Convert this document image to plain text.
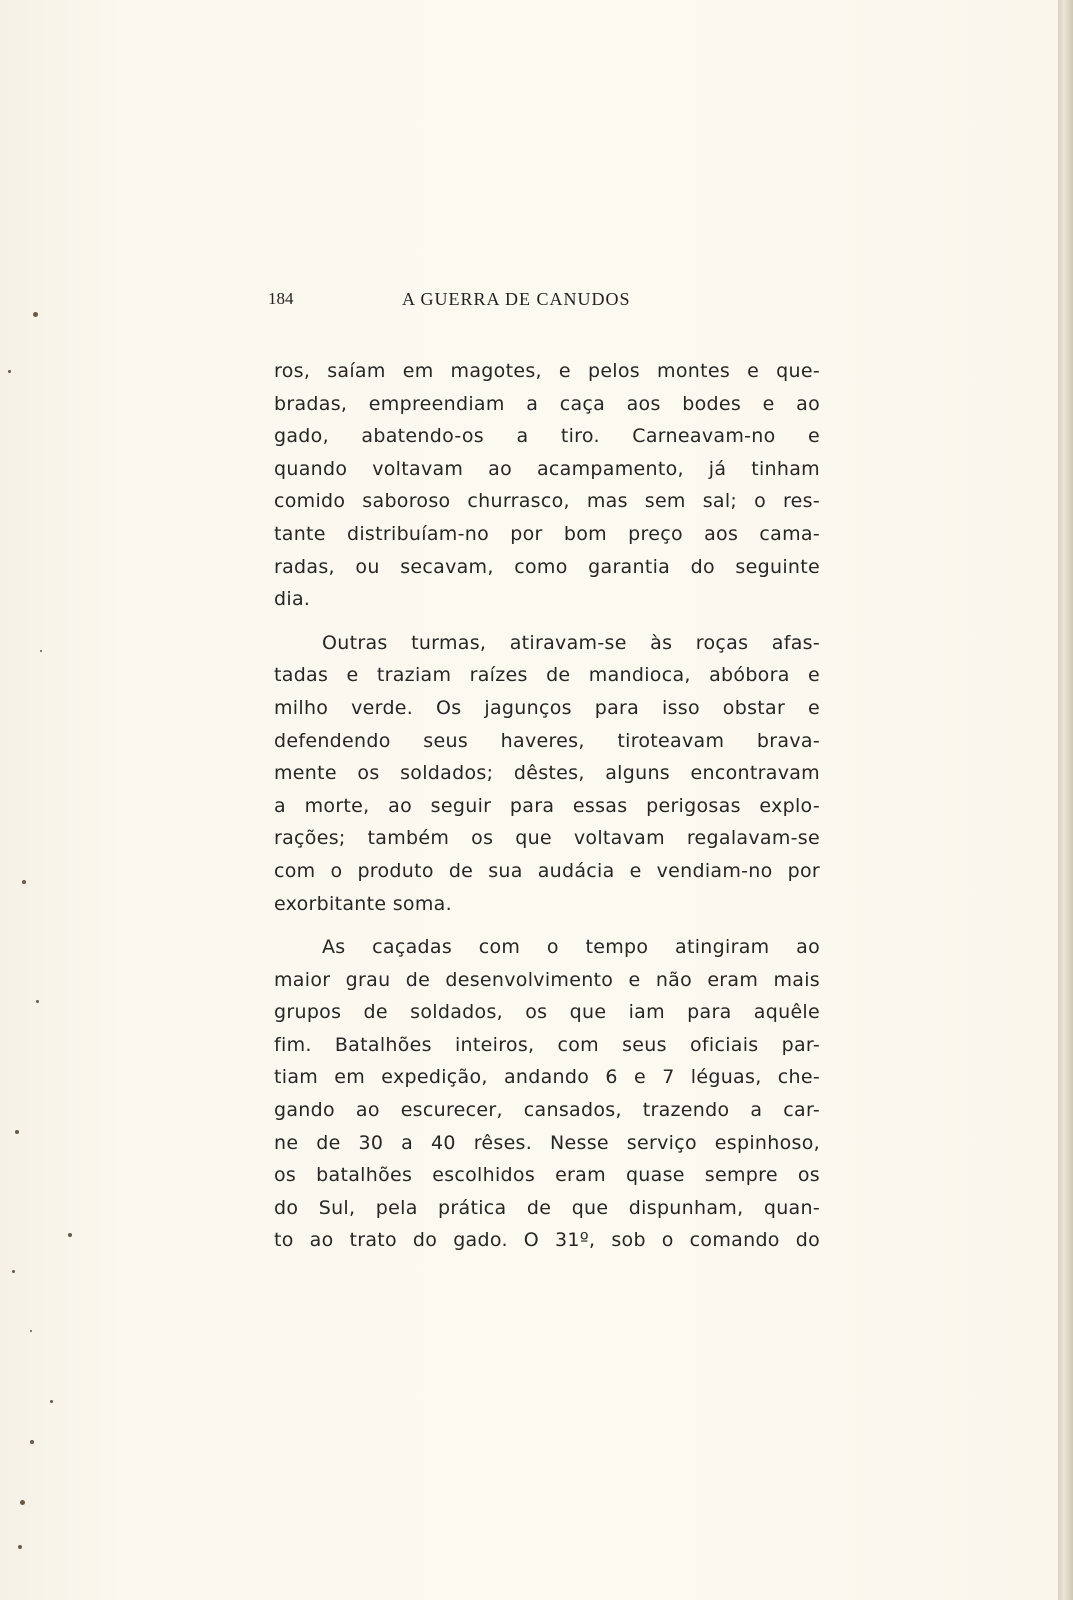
184	A GUERRA DE CANUDOS
ros, saíam em magotes, e pelos montes e que-
bradas, empreendiam a caça aos bodes e ao
gado, abatendo-os a tiro. Carneavam-no e
quando voltavam ao acampamento, já tinham
comido saboroso churrasco, mas sem sal; o res-
tante distribuíam-no por bom preço aos cama-
radas, ou secavam, como garantia do seguinte
dia.
Outras turmas, atiravam-se às roças afas-
tadas e traziam raízes de mandioca, abóbora e
milho verde. Os jagunços para isso obstar e
defendendo seus haveres, tiroteavam brava-
mente os soldados; dêstes, alguns encontravam
a morte, ao seguir para essas perigosas explo-
rações; também os que voltavam regalavam-se
com o produto de sua audácia e vendiam-no por
exorbitante soma.
As caçadas com o tempo atingiram ao
maior grau de desenvolvimento e não eram mais
grupos de soldados, os que iam para aquêle
fim. Batalhões inteiros, com seus oficiais par-
tiam em expedição, andando 6 e 7 léguas, che-
gando ao escurecer, cansados, trazendo a car-
ne de 30 a 40 rêses. Nesse serviço espinhoso,
os batalhões escolhidos eram quase sempre os
do Sul, pela prática de que dispunham, quan-
to ao trato do gado. O 31º, sob o comando do
